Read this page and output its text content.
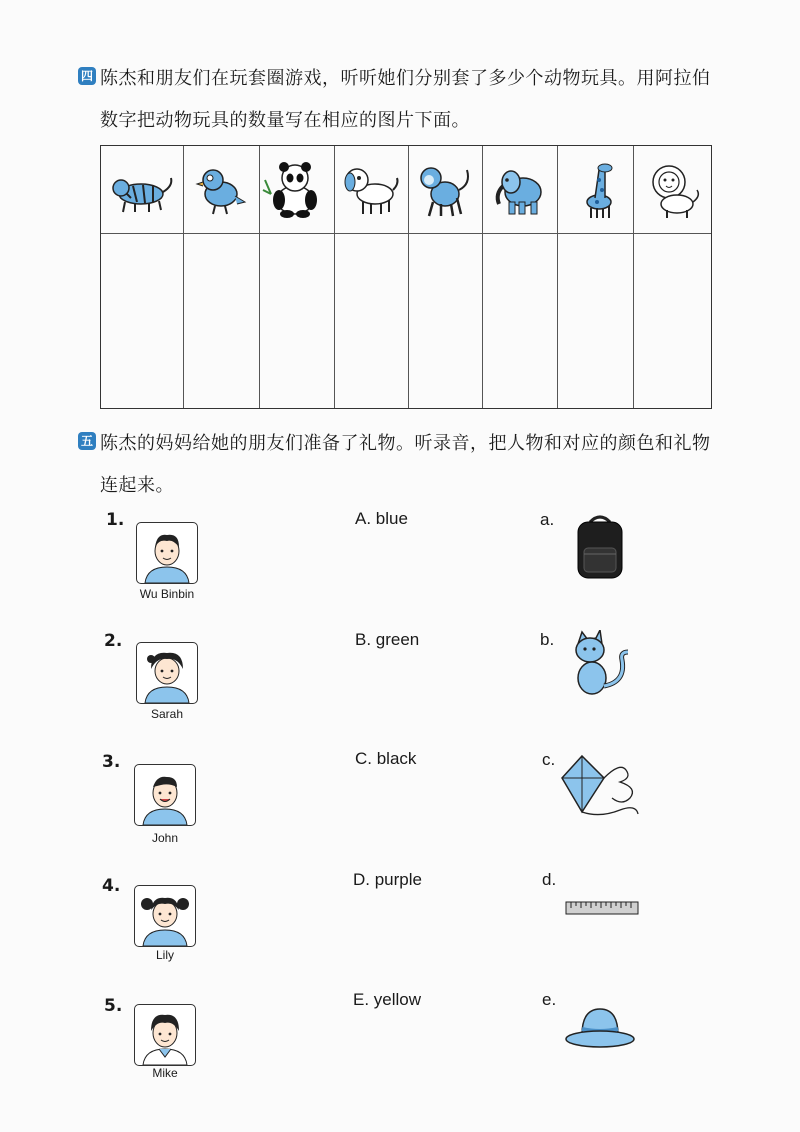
四 陈杰和朋友们在玩套圈游戏，听听她们分别套了多少个动物玩具。用阿拉伯
数字把动物玩具的数量写在相应的图片下面。
五 陈杰的妈妈给她的朋友们准备了礼物。听录音，把人物和对应的颜色和礼物
连起来。
1.
Wu Binbin
2.
Sarah
3.
John
4.
Lily
5.
Mike
A. blue
B. green
C. black
D. purple
E. yellow
a.
b.
c.
d.
e.
